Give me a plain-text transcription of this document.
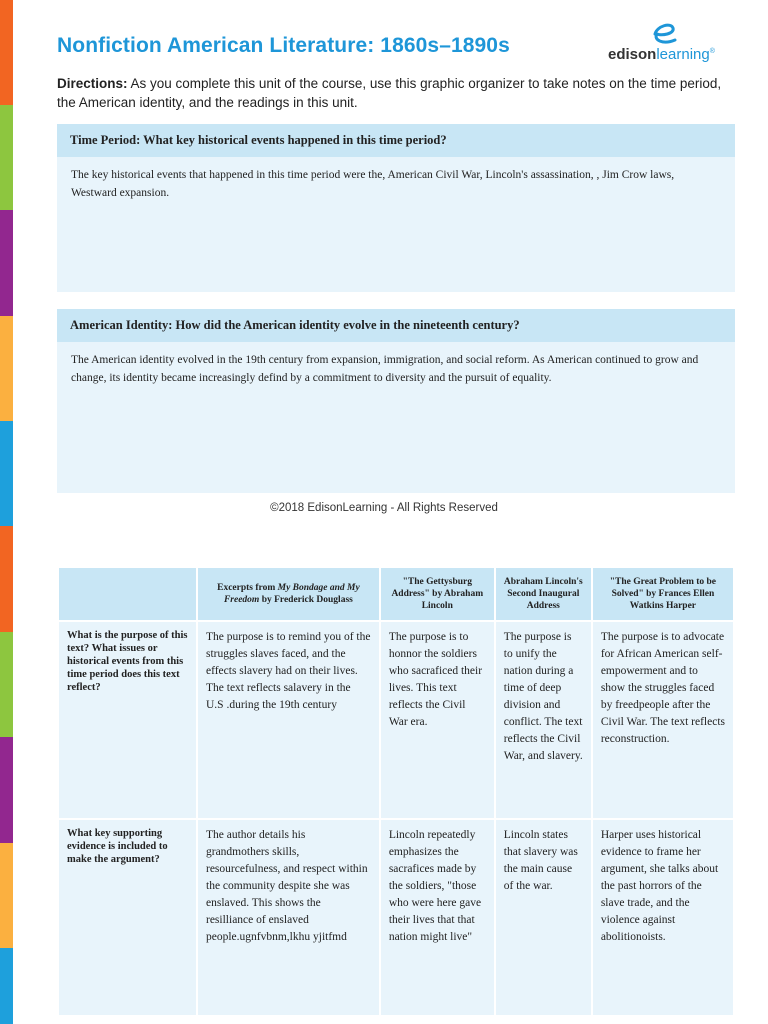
Nonfiction American Literature: 1860s–1890s	edisonlearning®

Directions: As you complete this unit of the course, use this graphic organizer to take notes on the time period, the American identity, and the readings in this unit.

Time Period: What key historical events happened in this time period?
The key historical events that happened in this time period were the, American Civil War, Lincoln's assassination, , Jim Crow laws, Westward expansion.
American Identity: How did the American identity evolve in the nineteenth century?
The American identity evolved in the 19th century from expansion, immigration, and social reform. As American continued to grow and change, its identity became increasingly defind by a commitment to diversity and the pursuit of equality.
©2018 EdisonLearning - All Rights Reserved
	Excerpts from My Bondage and My Freedom by Frederick Douglass	"The Gettysburg Address" by Abraham Lincoln	Abraham Lincoln's Second Inaugural Address	"The Great Problem to be Solved" by Frances Ellen Watkins Harper
What is the purpose of this text? What issues or historical events from this time period does this text reflect?	The purpose is to remind you of the struggles slaves faced, and the effects slavery had on their lives. The text reflects salavery in the U.S .during the 19th century	The purpose is to honnor the soldiers who sacraficed their lives. This text reflects the Civil War era.	The purpose is to unify the nation during a time of deep division and conflict. The text reflects the Civil War, and slavery.	The purpose is to advocate for African American self-empowerment and to show the struggles faced by freedpeople after the Civil War. The text reflects reconstruction.
What key supporting evidence is included to make the argument?	The author details his grandmothers skills, resourcefulness, and respect within the community despite she was enslaved. This shows the resilliance of enslaved people.ugnfvbnm,lkhu yjitfmd	Lincoln repeatedly emphasizes the sacrafices made by the soldiers, "those who were here gave their lives that that nation might live"	Lincoln states that slavery was the main cause of the war.	Harper uses historical evidence to frame her argument, she talks about the past horrors of the slave trade, and the violence against abolitionoists.
